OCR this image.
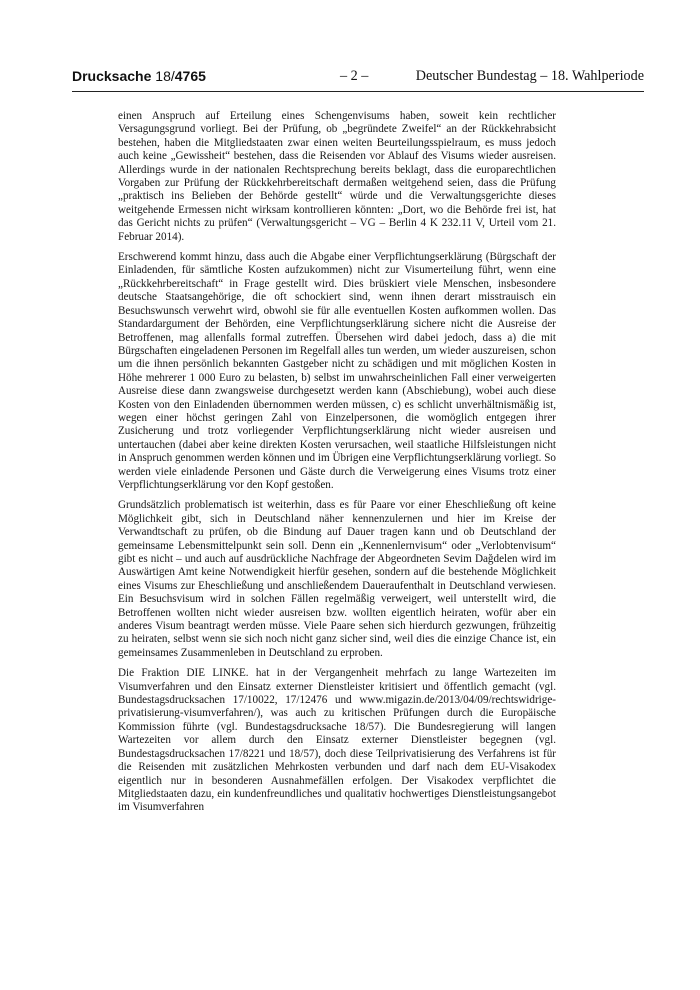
Drucksache 18/4765	– 2 –	Deutscher Bundestag – 18. Wahlperiode

einen Anspruch auf Erteilung eines Schengenvisums haben, soweit kein rechtlicher Versagungsgrund vorliegt. Bei der Prüfung, ob „begründete Zweifel“ an der Rückkehrabsicht bestehen, haben die Mitgliedstaaten zwar einen weiten Beurteilungsspielraum, es muss jedoch auch keine „Gewissheit“ bestehen, dass die Reisenden vor Ablauf des Visums wieder ausreisen. Allerdings wurde in der nationalen Rechtsprechung bereits beklagt, dass die europarechtlichen Vorgaben zur Prüfung der Rückkehrbereitschaft dermaßen weitgehend seien, dass die Prüfung „praktisch ins Belieben der Behörde gestellt“ würde und die Verwaltungsgerichte dieses weitgehende Ermessen nicht wirksam kontrollieren könnten: „Dort, wo die Behörde frei ist, hat das Gericht nichts zu prüfen“ (Verwaltungsgericht – VG – Berlin 4 K 232.11 V, Urteil vom 21. Februar 2014).

Erschwerend kommt hinzu, dass auch die Abgabe einer Verpflichtungserklärung (Bürgschaft der Einladenden, für sämtliche Kosten aufzukommen) nicht zur Visumerteilung führt, wenn eine „Rückkehrbereitschaft“ in Frage gestellt wird. Dies brüskiert viele Menschen, insbesondere deutsche Staatsangehörige, die oft schockiert sind, wenn ihnen derart misstrauisch ein Besuchswunsch verwehrt wird, obwohl sie für alle eventuellen Kosten aufkommen wollen. Das Standardargument der Behörden, eine Verpflichtungserklärung sichere nicht die Ausreise der Betroffenen, mag allenfalls formal zutreffen. Übersehen wird dabei jedoch, dass a) die mit Bürgschaften eingeladenen Personen im Regelfall alles tun werden, um wieder auszureisen, schon um die ihnen persönlich bekannten Gastgeber nicht zu schädigen und mit möglichen Kosten in Höhe mehrerer 1 000 Euro zu belasten, b) selbst im unwahrscheinlichen Fall einer verweigerten Ausreise diese dann zwangsweise durchgesetzt werden kann (Abschiebung), wobei auch diese Kosten von den Einladenden übernommen werden müssen, c) es schlicht unverhältnismäßig ist, wegen einer höchst geringen Zahl von Einzelpersonen, die womöglich entgegen ihrer Zusicherung und trotz vorliegender Verpflichtungserklärung nicht wieder ausreisen und untertauchen (dabei aber keine direkten Kosten verursachen, weil staatliche Hilfsleistungen nicht in Anspruch genommen werden können und im Übrigen eine Verpflichtungserklärung vorliegt. So werden viele einladende Personen und Gäste durch die Verweigerung eines Visums trotz einer Verpflichtungserklärung vor den Kopf gestoßen.

Grundsätzlich problematisch ist weiterhin, dass es für Paare vor einer Eheschließung oft keine Möglichkeit gibt, sich in Deutschland näher kennenzulernen und hier im Kreise der Verwandtschaft zu prüfen, ob die Bindung auf Dauer tragen kann und ob Deutschland der gemeinsame Lebensmittelpunkt sein soll. Denn ein „Kennenlernvisum“ oder „Verlobtenvisum“ gibt es nicht – und auch auf ausdrückliche Nachfrage der Abgeordneten Sevim Dağdelen wird im Auswärtigen Amt keine Notwendigkeit hierfür gesehen, sondern auf die bestehende Möglichkeit eines Visums zur Eheschließung und anschließendem Daueraufenthalt in Deutschland verwiesen. Ein Besuchsvisum wird in solchen Fällen regelmäßig verweigert, weil unterstellt wird, die Betroffenen wollten nicht wieder ausreisen bzw. wollten eigentlich heiraten, wofür aber ein anderes Visum beantragt werden müsse. Viele Paare sehen sich hierdurch gezwungen, frühzeitig zu heiraten, selbst wenn sie sich noch nicht ganz sicher sind, weil dies die einzige Chance ist, ein gemeinsames Zusammenleben in Deutschland zu erproben.

Die Fraktion DIE LINKE. hat in der Vergangenheit mehrfach zu lange Wartezeiten im Visumverfahren und den Einsatz externer Dienstleister kritisiert und öffentlich gemacht (vgl. Bundestagsdrucksachen 17/10022, 17/12476 und www.migazin.de/2013/04/09/rechtswidrige-privatisierung-visumverfahren/), was auch zu kritischen Prüfungen durch die Europäische Kommission führte (vgl. Bundestagsdrucksache 18/57). Die Bundesregierung will langen Wartezeiten vor allem durch den Einsatz externer Dienstleister begegnen (vgl. Bundestagsdrucksachen 17/8221 und 18/57), doch diese Teilprivatisierung des Verfahrens ist für die Reisenden mit zusätzlichen Mehrkosten verbunden und darf nach dem EU-Visakodex eigentlich nur in besonderen Ausnahmefällen erfolgen. Der Visakodex verpflichtet die Mitgliedstaaten dazu, ein kundenfreundliches und qualitativ hochwertiges Dienstleistungsangebot im Visumverfahren
